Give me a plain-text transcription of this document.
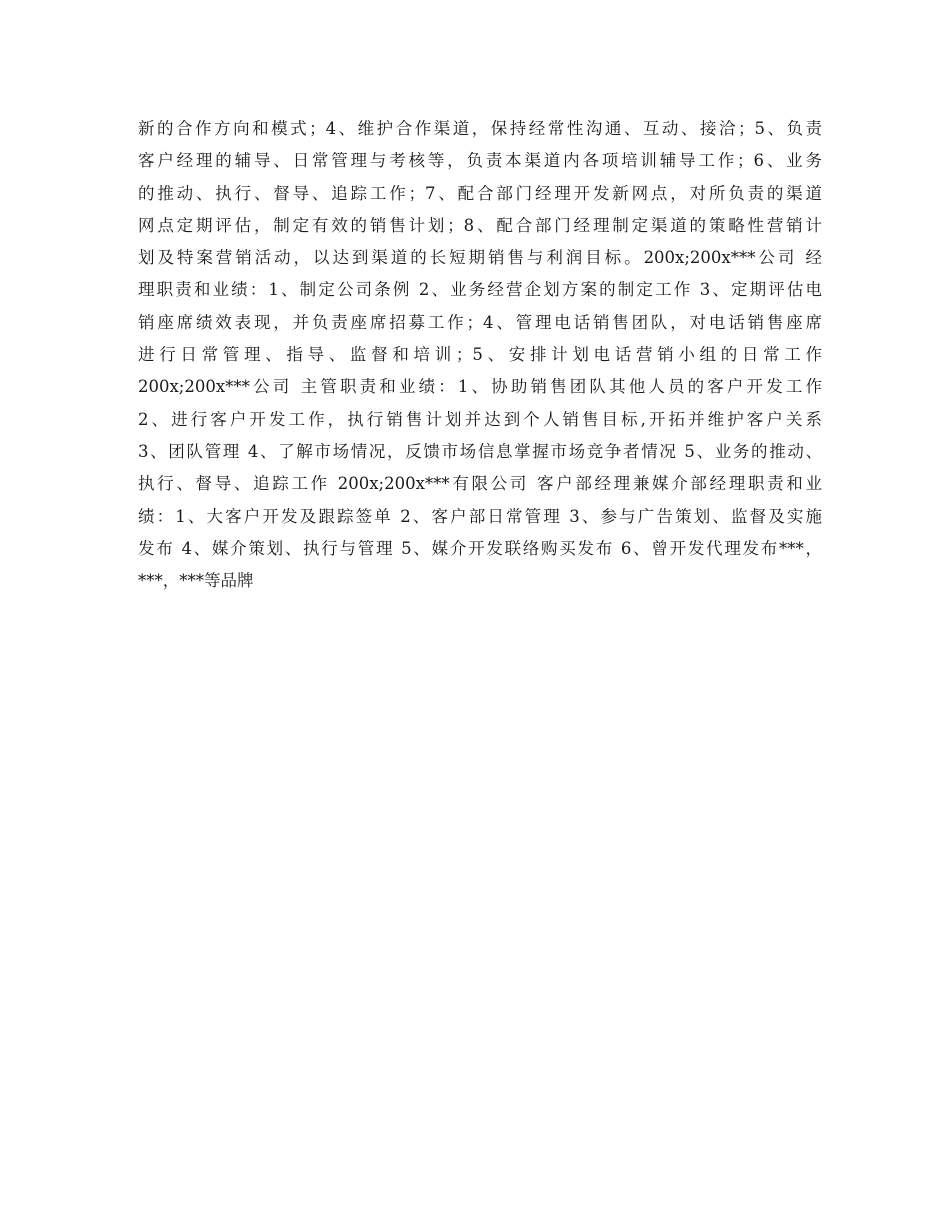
新的合作方向和模式；4、维护合作渠道，保持经常性沟通、互动、接洽；5、负责
客户经理的辅导、日常管理与考核等，负责本渠道内各项培训辅导工作；6、业务
的推动、执行、督导、追踪工作；7、配合部门经理开发新网点，对所负责的渠道
网点定期评估，制定有效的销售计划；8、配合部门经理制定渠道的策略性营销计
划及特案营销活动，以达到渠道的长短期销售与利润目标。200x;200x***公司 经
理职责和业绩：1、制定公司条例 2、业务经营企划方案的制定工作 3、定期评估电
销座席绩效表现，并负责座席招募工作；4、管理电话销售团队，对电话销售座席
进行日常管理、指导、监督和培训；5、安排计划电话营销小组的日常工作
200x;200x***公司 主管职责和业绩：1、协助销售团队其他人员的客户开发工作
2、进行客户开发工作，执行销售计划并达到个人销售目标,开拓并维护客户关系
3、团队管理 4、了解市场情况，反馈市场信息掌握市场竞争者情况 5、业务的推动、
执行、督导、追踪工作 200x;200x***有限公司 客户部经理兼媒介部经理职责和业
绩：1、大客户开发及跟踪签单 2、客户部日常管理 3、参与广告策划、监督及实施
发布 4、媒介策划、执行与管理 5、媒介开发联络购买发布 6、曾开发代理发布***，
***，***等品牌
